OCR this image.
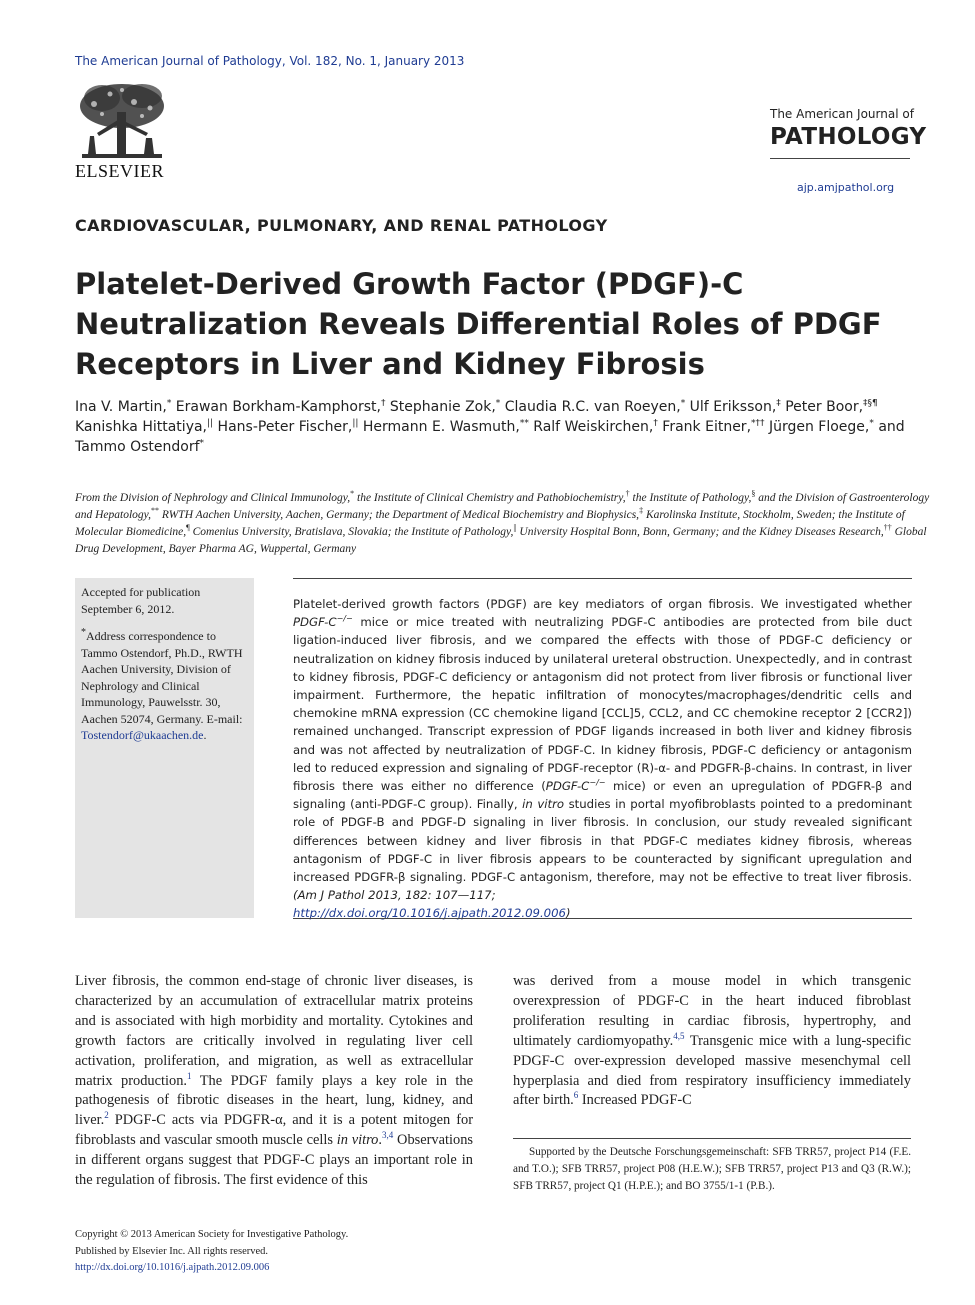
The American Journal of Pathology, Vol. 182, No. 1, January 2013
ELSEVIER
The American Journal of
PATHOLOGY
ajp.amjpathol.org
CARDIOVASCULAR, PULMONARY, AND RENAL PATHOLOGY
Platelet-Derived Growth Factor (PDGF)-C Neutralization Reveals Differential Roles of PDGF Receptors in Liver and Kidney Fibrosis
Ina V. Martin,* Erawan Borkham-Kamphorst,† Stephanie Zok,* Claudia R.C. van Roeyen,* Ulf Eriksson,‡ Peter Boor,‡§¶ Kanishka Hittatiya,|| Hans-Peter Fischer,|| Hermann E. Wasmuth,** Ralf Weiskirchen,† Frank Eitner,*†† Jürgen Floege,* and Tammo Ostendorf*
From the Division of Nephrology and Clinical Immunology,* the Institute of Clinical Chemistry and Pathobiochemistry,† the Institute of Pathology,§ and the Division of Gastroenterology and Hepatology,** RWTH Aachen University, Aachen, Germany; the Department of Medical Biochemistry and Biophysics,‡ Karolinska Institute, Stockholm, Sweden; the Institute of Molecular Biomedicine,¶ Comenius University, Bratislava, Slovakia; the Institute of Pathology,|| University Hospital Bonn, Bonn, Germany; and the Kidney Diseases Research,†† Global Drug Development, Bayer Pharma AG, Wuppertal, Germany

Accepted for publication September 6, 2012.

*Address correspondence to Tammo Ostendorf, Ph.D., RWTH Aachen University, Division of Nephrology and Clinical Immunology, Pauwelsstr. 30, Aachen 52074, Germany. E-mail: Tostendorf@ukaachen.de.

Platelet-derived growth factors (PDGF) are key mediators of organ fibrosis. We investigated whether PDGF-C−/− mice or mice treated with neutralizing PDGF-C antibodies are protected from bile duct ligation-induced liver fibrosis, and we compared the effects with those of PDGF-C deficiency or neutralization on kidney fibrosis induced by unilateral ureteral obstruction. Unexpectedly, and in contrast to kidney fibrosis, PDGF-C deficiency or antagonism did not protect from liver fibrosis or functional liver impairment. Furthermore, the hepatic infiltration of monocytes/macrophages/dendritic cells and chemokine mRNA expression (CC chemokine ligand [CCL]5, CCL2, and CC chemokine receptor 2 [CCR2]) remained unchanged. Transcript expression of PDGF ligands increased in both liver and kidney fibrosis and was not affected by neutralization of PDGF-C. In kidney fibrosis, PDGF-C deficiency or antagonism led to reduced expression and signaling of PDGF-receptor (R)-α- and PDGFR-β-chains. In contrast, in liver fibrosis there was either no difference (PDGF-C−/− mice) or even an upregulation of PDGFR-β and signaling (anti-PDGF-C group). Finally, in vitro studies in portal myofibroblasts pointed to a predominant role of PDGF-B and PDGF-D signaling in liver fibrosis. In conclusion, our study revealed significant differences between kidney and liver fibrosis in that PDGF-C mediates kidney fibrosis, whereas antagonism of PDGF-C in liver fibrosis appears to be counteracted by significant upregulation and increased PDGFR-β signaling. PDGF-C antagonism, therefore, may not be effective to treat liver fibrosis. (Am J Pathol 2013, 182: 107—117;
http://dx.doi.org/10.1016/j.ajpath.2012.09.006)
Liver fibrosis, the common end-stage of chronic liver diseases, is characterized by an accumulation of extracellular matrix proteins and is associated with high morbidity and mortality. Cytokines and growth factors are critically involved in regulating liver cell activation, proliferation, and migration, as well as extracellular matrix production.$^1$ The PDGF family plays a key role in the pathogenesis of fibrotic diseases in the heart, lung, kidney, and liver.$^2$ PDGF-C acts via PDGFR-α, and it is a potent mitogen for fibroblasts and vascular smooth muscle cells in vitro.$^{3,4}$ Observations in different organs suggest that PDGF-C plays an important role in the regulation of fibrosis. The first evidence of this
was derived from a mouse model in which transgenic overexpression of PDGF-C in the heart induced fibroblast proliferation resulting in cardiac fibrosis, hypertrophy, and ultimately cardiomyopathy.$^{4,5}$ Transgenic mice with a lung-specific PDGF-C over-expression developed massive mesenchymal cell hyperplasia and died from respiratory insufficiency immediately after birth.$^6$ Increased PDGF-C
Supported by the Deutsche Forschungsgemeinschaft: SFB TRR57, project P14 (F.E. and T.O.); SFB TRR57, project P08 (H.E.W.); SFB TRR57, project P13 and Q3 (R.W.); SFB TRR57, project Q1 (H.P.E.); and BO 3755/1-1 (P.B.).
Copyright © 2013 American Society for Investigative Pathology.
Published by Elsevier Inc. All rights reserved.
http://dx.doi.org/10.1016/j.ajpath.2012.09.006
